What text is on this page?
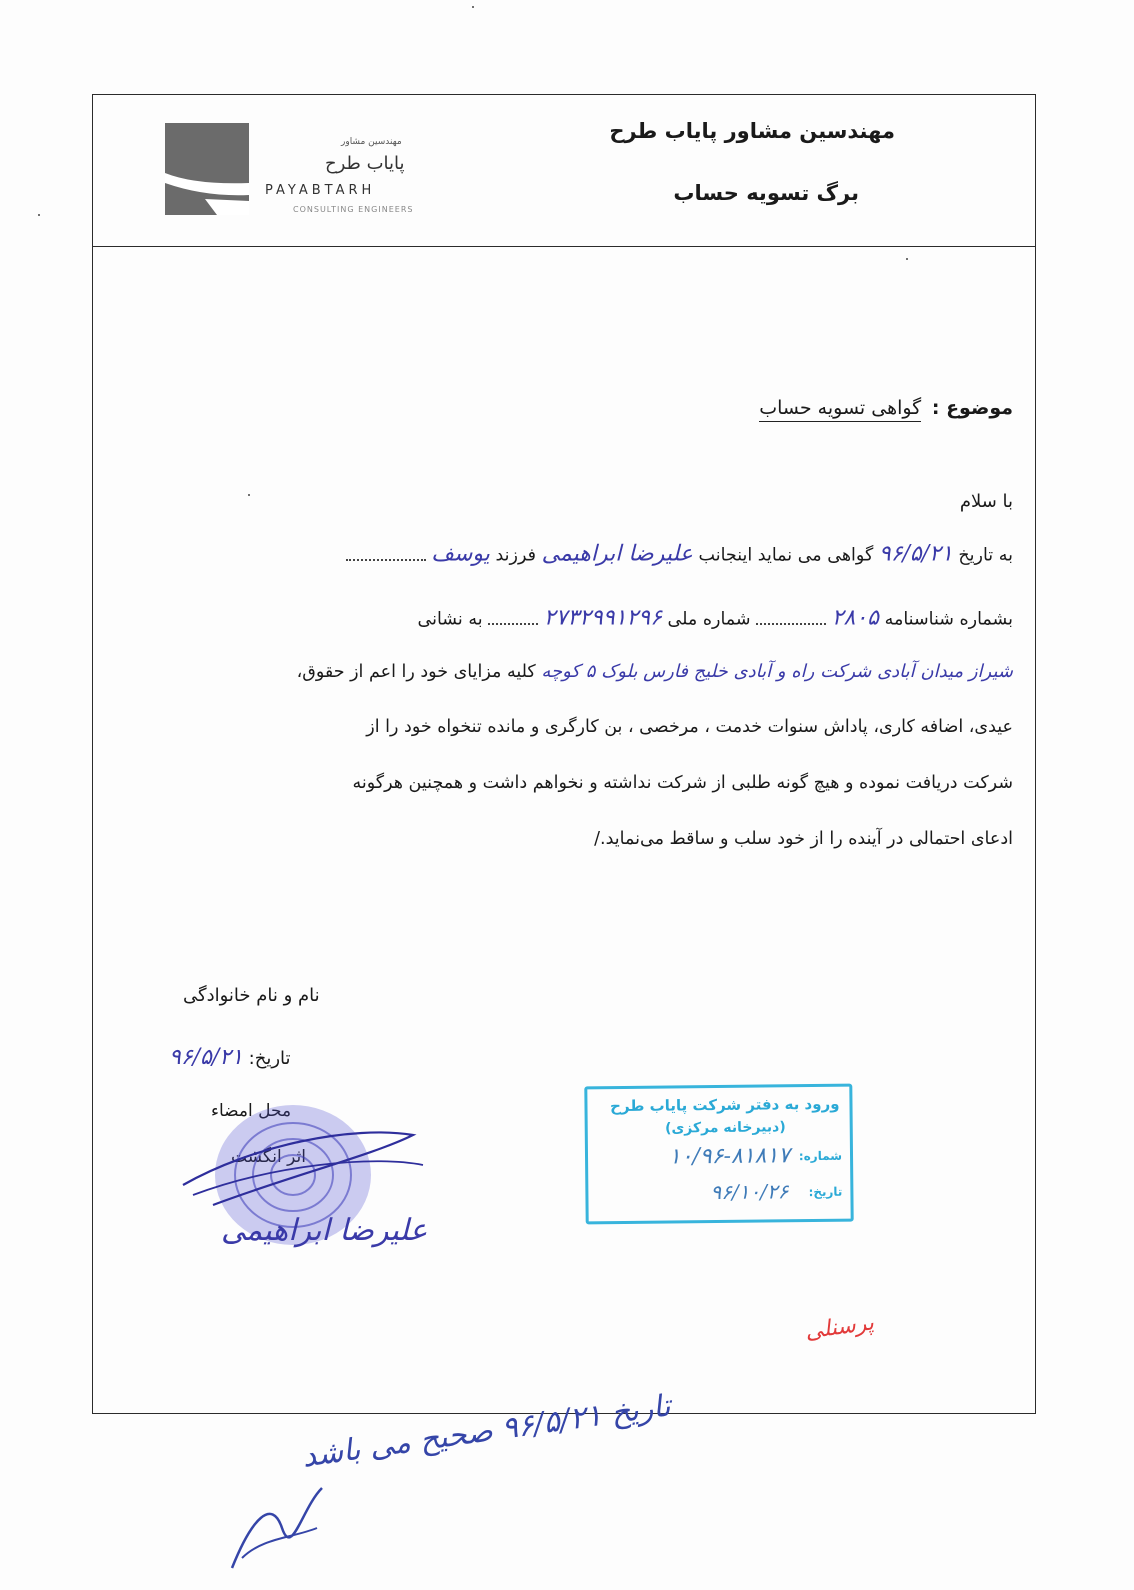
مهندسین مشاور پایاب طرح
برگ تسویه حساب
مهندسین مشاور
پایاب طرح
PAYABTARH
CONSULTING ENGINEERS
موضوع : گواهی تسویه حساب
با سلام
به تاریخ ۹۶/۵/۲۱ گواهی می نماید اینجانب علیرضا ابراهیمی فرزند یوسف
بشماره شناسنامه ۲۸۰۵  شماره ملی ۲۷۳۲۹۹۱۲۹۶  به نشانی
شیراز میدان آبادی شرکت راه و آبادی خلیج فارس بلوک ۵ کوچه کلیه مزایای خود را اعم از حقوق،
عیدی، اضافه کاری، پاداش سنوات خدمت ، مرخصی ، بن کارگری و مانده تنخواه خود را از
شرکت دریافت نموده و هیچ گونه طلبی از شرکت نداشته و نخواهم داشت و همچنین هرگونه
ادعای احتمالی در آینده را از خود سلب و ساقط می‌نماید./
نام و نام خانوادگی
تاریخ: ۹۶/۵/۲۱
محل امضاء
اثر انگشت
علیرضا ابراهیمی
ورود به دفتر شرکت پایاب طرح
(دبیرخانه مرکزی)
شماره:
۱۰/۹۶-۸۱۸۱۷
تاریخ:
۹۶/۱۰/۲۶
پرسنلی
تاریخ ۹۶/۵/۲۱ صحیح می باشد
